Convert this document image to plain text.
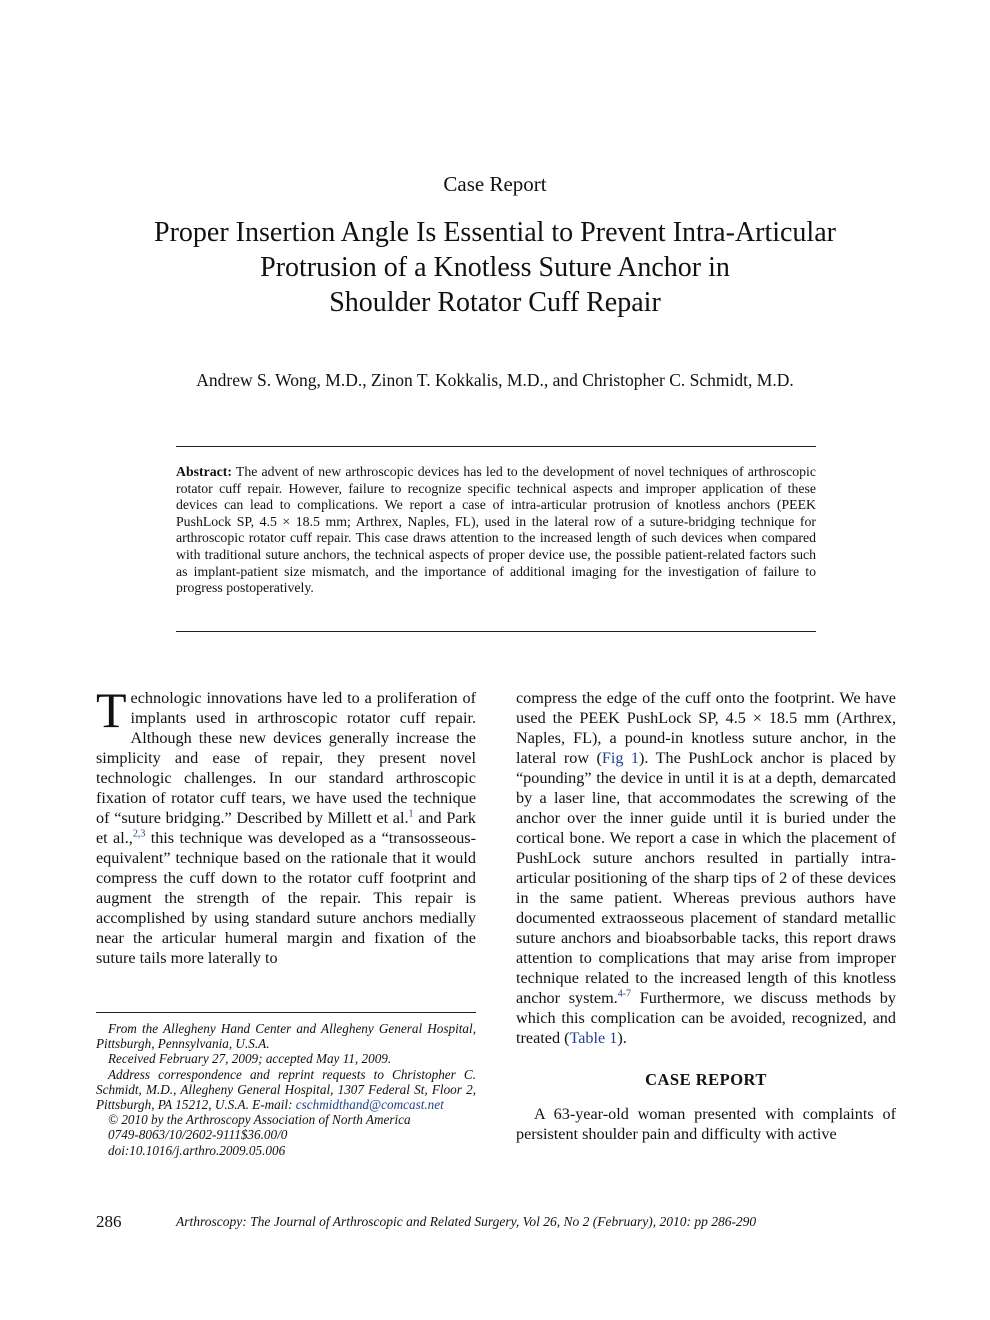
Case Report
Proper Insertion Angle Is Essential to Prevent Intra-Articular
Protrusion of a Knotless Suture Anchor in
Shoulder Rotator Cuff Repair
Andrew S. Wong, M.D., Zinon T. Kokkalis, M.D., and Christopher C. Schmidt, M.D.
Abstract: The advent of new arthroscopic devices has led to the development of novel techniques of arthroscopic rotator cuff repair. However, failure to recognize specific technical aspects and improper application of these devices can lead to complications. We report a case of intra-articular protrusion of knotless anchors (PEEK PushLock SP, 4.5 × 18.5 mm; Arthrex, Naples, FL), used in the lateral row of a suture-bridging technique for arthroscopic rotator cuff repair. This case draws attention to the increased length of such devices when compared with traditional suture anchors, the technical aspects of proper device use, the possible patient-related factors such as implant-patient size mismatch, and the importance of additional imaging for the investigation of failure to progress postoperatively.

Technologic innovations have led to a proliferation of implants used in arthroscopic rotator cuff repair. Although these new devices generally increase the simplicity and ease of repair, they present novel technologic challenges. In our standard arthroscopic fixation of rotator cuff tears, we have used the technique of “suture bridging.” Described by Millett et al.$^1$ and Park et al.,$^{2,3}$ this technique was developed as a “transosseous-equivalent” technique based on the rationale that it would compress the cuff down to the rotator cuff footprint and augment the strength of the repair. This repair is accomplished by using standard suture anchors medially near the articular humeral margin and fixation of the suture tails more laterally to

From the Allegheny Hand Center and Allegheny General Hospital, Pittsburgh, Pennsylvania, U.S.A.

Received February 27, 2009; accepted May 11, 2009.

Address correspondence and reprint requests to Christopher C. Schmidt, M.D., Allegheny General Hospital, 1307 Federal St, Floor 2, Pittsburgh, PA 15212, U.S.A. E-mail: cschmidthand@comcast.net

© 2010 by the Arthroscopy Association of North America

0749-8063/10/2602-9111$36.00/0

doi:10.1016/j.arthro.2009.05.006

compress the edge of the cuff onto the footprint. We have used the PEEK PushLock SP, 4.5 × 18.5 mm (Arthrex, Naples, FL), a pound-in knotless suture anchor, in the lateral row (Fig 1). The PushLock anchor is placed by “pounding” the device in until it is at a depth, demarcated by a laser line, that accommodates the screwing of the anchor over the inner guide until it is buried under the cortical bone. We report a case in which the placement of PushLock suture anchors resulted in partially intra-articular positioning of the sharp tips of 2 of these devices in the same patient. Whereas previous authors have documented extraosseous placement of standard metallic suture anchors and bioabsorbable tacks, this report draws attention to complications that may arise from improper technique related to the increased length of this knotless anchor system.$^{4-7}$ Furthermore, we discuss methods by which this complication can be avoided, recognized, and treated (Table 1).

CASE REPORT

A 63-year-old woman presented with complaints of persistent shoulder pain and difficulty with active

286	Arthroscopy: The Journal of Arthroscopic and Related Surgery, Vol 26, No 2 (February), 2010: pp 286-290
